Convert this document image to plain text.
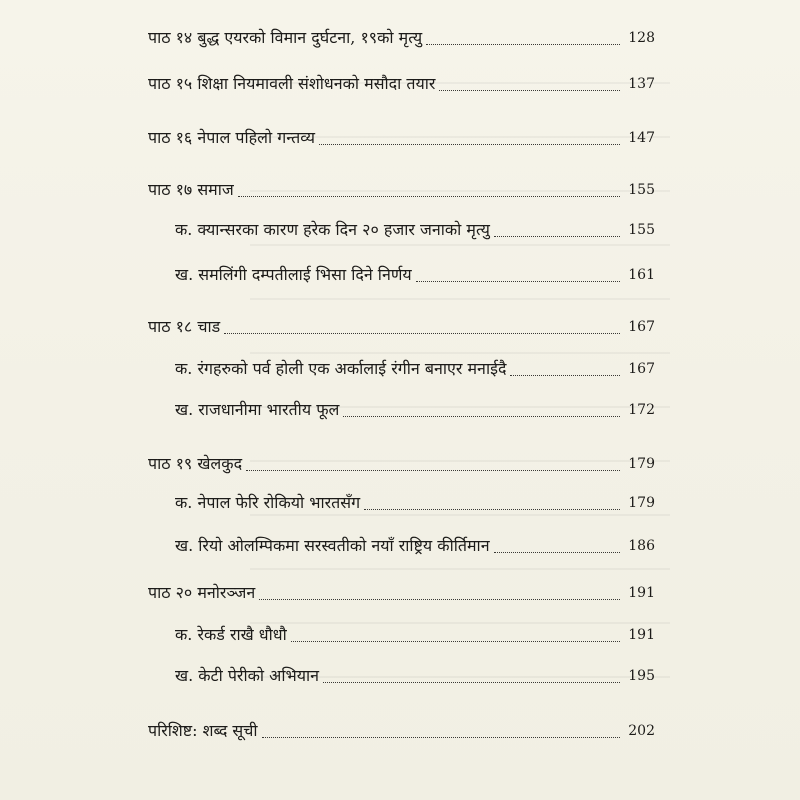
पाठ १४ बुद्ध एयरको विमान दुर्घटना, १९को मृत्यु	128
पाठ १५ शिक्षा नियमावली संशोधनको मसौदा तयार	137
पाठ १६ नेपाल पहिलो गन्तव्य	147
पाठ १७ समाज	155
क. क्यान्सरका कारण हरेक दिन २० हजार जनाको मृत्यु	155
ख. समलिंगी दम्पतीलाई भिसा दिने निर्णय	161
पाठ १८ चाड	167
क. रंगहरुको पर्व होली एक अर्कालाई रंगीन बनाएर मनाईदै	167
ख. राजधानीमा भारतीय फूल	172
पाठ १९ खेलकुद	179
क. नेपाल फेरि रोकियो भारतसँग	179
ख. रियो ओलम्पिकमा सरस्वतीको नयाँ राष्ट्रिय कीर्तिमान	186
पाठ २० मनोरञ्जन	191
क. रेकर्ड राखै धौधौ	191
ख. केटी पेरीको अभियान	195
परिशिष्ट: शब्द सूची	202
